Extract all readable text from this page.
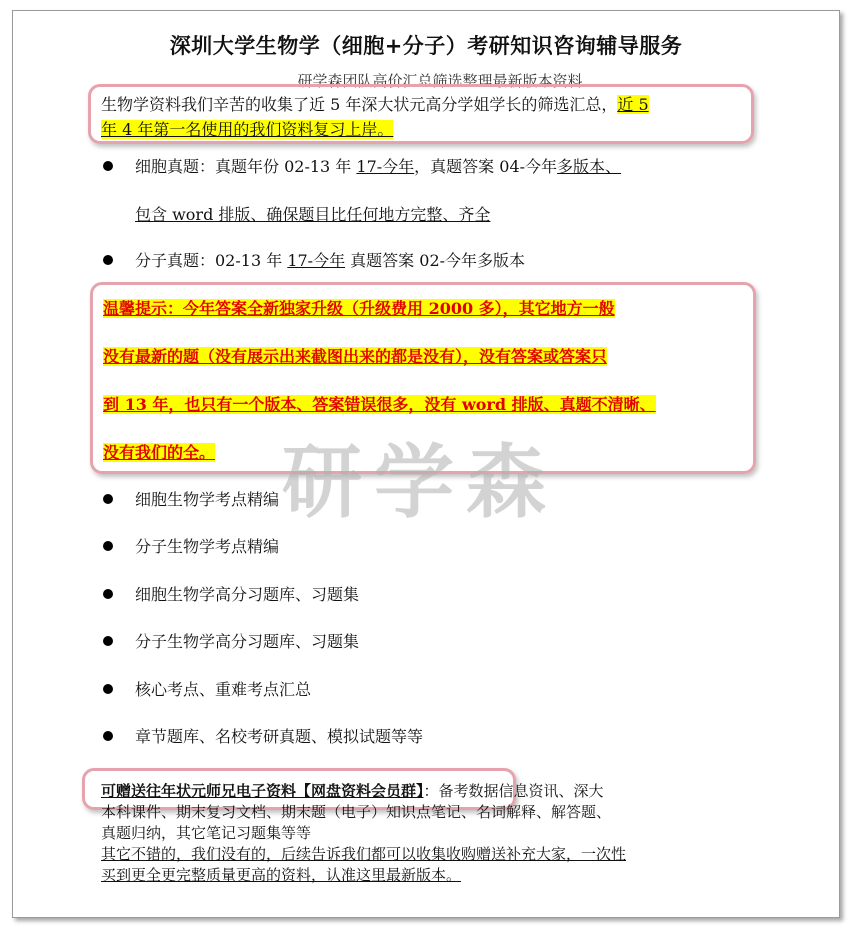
深圳大学生物学（细胞+分子）考研知识咨询辅导服务
研学森团队高价汇总筛选整理最新版本资料
生物学资料我们辛苦的收集了近 5 年深大状元高分学姐学长的筛选汇总，近 5
年 4 年第一名使用的我们资料复习上岸。
细胞真题：真题年份 02-13 年 17-今年，真题答案 04-今年多版本、
包含 word 排版、确保题目比任何地方完整、齐全
分子真题：02-13 年 17-今年 真题答案 02-今年多版本
温馨提示：今年答案全新独家升级（升级费用 2000 多），其它地方一般
没有最新的题（没有展示出来截图出来的都是没有），没有答案或答案只
到 13 年，也只有一个版本、答案错误很多，没有 word 排版、真题不清晰、
没有我们的全。 研学森
细胞生物学考点精编
分子生物学考点精编
细胞生物学高分习题库、习题集
分子生物学高分习题库、习题集
核心考点、重难考点汇总
章节题库、名校考研真题、模拟试题等等
可赠送往年状元师兄电子资料【网盘资料会员群】：备考数据信息资讯、深大
本科课件、期末复习文档、期末题（电子）知识点笔记、名词解释、解答题、
真题归纳，其它笔记习题集等等
其它不错的，我们没有的，后续告诉我们都可以收集收购赠送补充大家，一次性
买到更全更完整质量更高的资料，认准这里最新版本。
